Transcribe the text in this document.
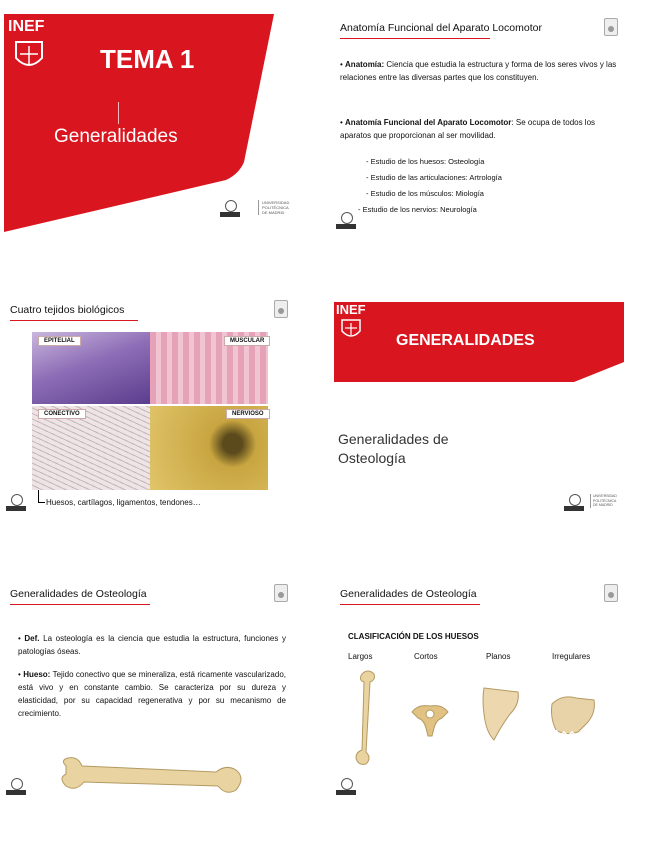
INEF
TEMA 1
Generalidades
UNIVERSIDAD
POLITÉCNICA
DE MADRID
Anatomía Funcional del Aparato Locomotor
• Anatomía: Ciencia que estudia la estructura y forma de los seres vivos y las relaciones entre las diversas partes que los constituyen.
• Anatomía Funcional del Aparato Locomotor: Se ocupa de todos los aparatos que proporcionan al ser movilidad.
- Estudio de los huesos: Osteología
- Estudio de las articulaciones: Artrología
- Estudio de los músculos: Miología
- Estudio de los nervios: Neurología
Cuatro tejidos biológicos
EPITELIAL	MUSCULAR
CONECTIVO	NERVIOSO
Huesos, cartílagos, ligamentos, tendones…
INEF
GENERALIDADES
Generalidades de
Osteología
UNIVERSIDAD
POLITÉCNICA
DE MADRID
Generalidades de Osteología
• Def. La osteología es la ciencia que estudia la estructura, funciones y patologías óseas.
• Hueso: Tejido conectivo que se mineraliza, está ricamente vascularizado, está vivo y en constante cambio. Se caracteriza por su dureza y elasticidad, por su capacidad regenerativa y por su mecanismo de crecimiento.
Generalidades de Osteología
CLASIFICACIÓN DE LOS HUESOS
Largos	Cortos	Planos	Irregulares
